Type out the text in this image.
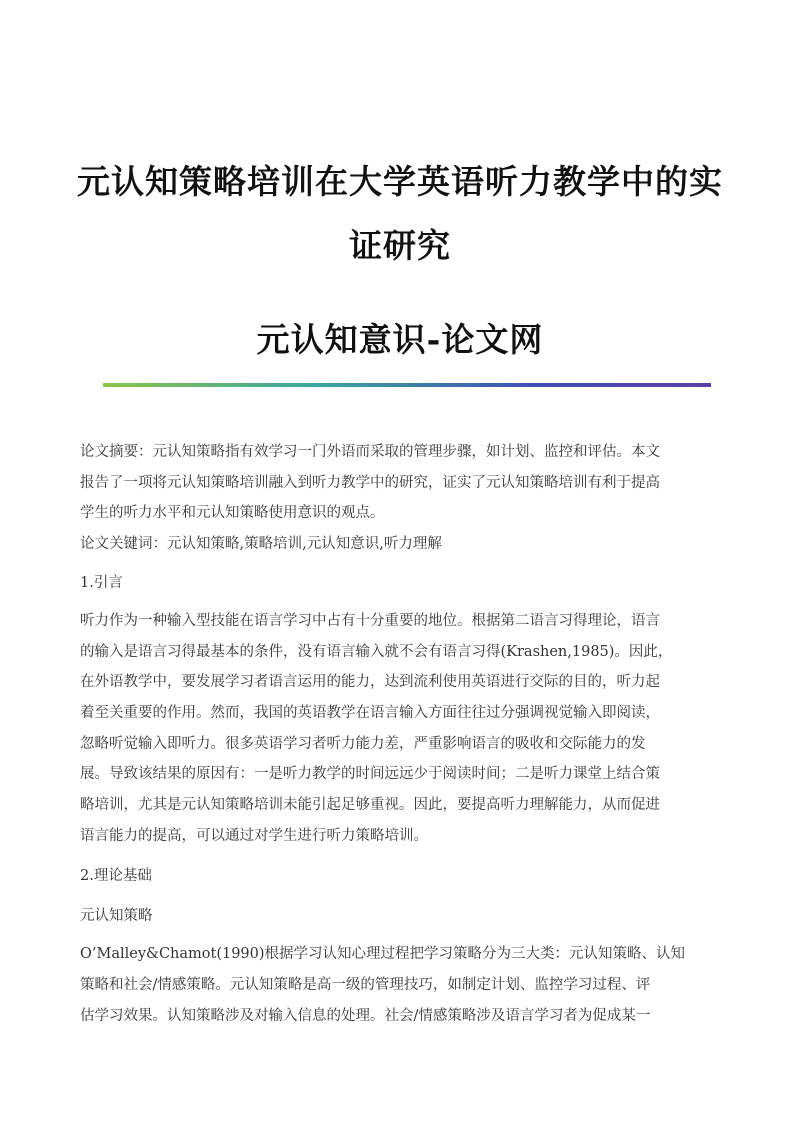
元认知策略培训在大学英语听力教学中的实
证研究
元认知意识-论文网

论文摘要：元认知策略指有效学习一门外语而采取的管理步骤，如计划、监控和评估。本文

报告了一项将元认知策略培训融入到听力教学中的研究，证实了元认知策略培训有利于提高

学生的听力水平和元认知策略使用意识的观点。

论文关键词：元认知策略,策略培训,元认知意识,听力理解

1.引言

听力作为一种输入型技能在语言学习中占有十分重要的地位。根据第二语言习得理论，语言

的输入是语言习得最基本的条件，没有语言输入就不会有语言习得(Krashen,1985)。因此，

在外语教学中，要发展学习者语言运用的能力，达到流利使用英语进行交际的目的，听力起

着至关重要的作用。然而，我国的英语教学在语言输入方面往往过分强调视觉输入即阅读，

忽略听觉输入即听力。很多英语学习者听力能力差，严重影响语言的吸收和交际能力的发

展。导致该结果的原因有：一是听力教学的时间远远少于阅读时间；二是听力课堂上结合策

略培训，尤其是元认知策略培训未能引起足够重视。因此，要提高听力理解能力，从而促进

语言能力的提高，可以通过对学生进行听力策略培训。

2.理论基础

元认知策略

O’Malley&Chamot(1990)根据学习认知心理过程把学习策略分为三大类：元认知策略、认知

策略和社会/情感策略。元认知策略是高一级的管理技巧，如制定计划、监控学习过程、评

估学习效果。认知策略涉及对输入信息的处理。社会/情感策略涉及语言学习者为促成某一
